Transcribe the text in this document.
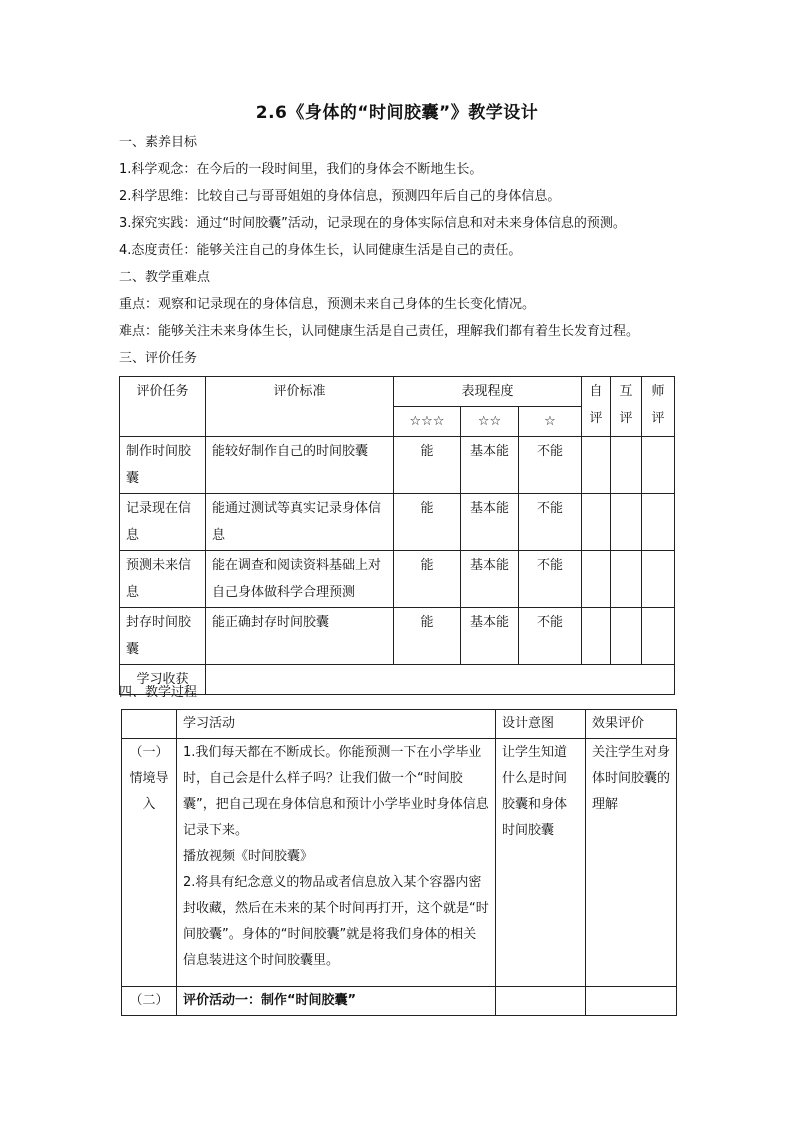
2.6《身体的“时间胶囊”》教学设计
一、素养目标
1.科学观念：在今后的一段时间里，我们的身体会不断地生长。
2.科学思维：比较自己与哥哥姐姐的身体信息，预测四年后自己的身体信息。
3.探究实践：通过“时间胶囊”活动，记录现在的身体实际信息和对未来身体信息的预测。
4.态度责任：能够关注自己的身体生长，认同健康生活是自己的责任。
二、教学重难点
重点：观察和记录现在的身体信息，预测未来自己身体的生长变化情况。
难点：能够关注未来身体生长，认同健康生活是自己责任，理解我们都有着生长发育过程。
三、评价任务
评价任务	评价标准	表现程度			自评	互评	师评

		☆☆☆	☆☆	☆			
制作时间胶囊	能较好制作自己的时间胶囊	能	基本能	不能			
记录现在信息	能通过测试等真实记录身体信息	能	基本能	不能			
预测未来信息	能在调查和阅读资料基础上对自己身体做科学合理预测	能	基本能	不能			
封存时间胶囊	能正确封存时间胶囊	能	基本能	不能			
学习收获							
四、教学过程
	学习活动	设计意图	效果评价
（一）情境导入	1.我们每天都在不断成长。你能预测一下在小学毕业时，自己会是什么样子吗？让我们做一个“时间胶囊”，把自己现在身体信息和预计小学毕业时身体信息记录下来。
播放视频《时间胶囊》
2.将具有纪念意义的物品或者信息放入某个容器内密封收藏，然后在未来的某个时间再打开，这个就是“时间胶囊”。身体的“时间胶囊”就是将我们身体的相关信息装进这个时间胶囊里。	让学生知道什么是时间胶囊和身体时间胶囊	关注学生对身体时间胶囊的理解
（二）	评价活动一：制作“时间胶囊”		
